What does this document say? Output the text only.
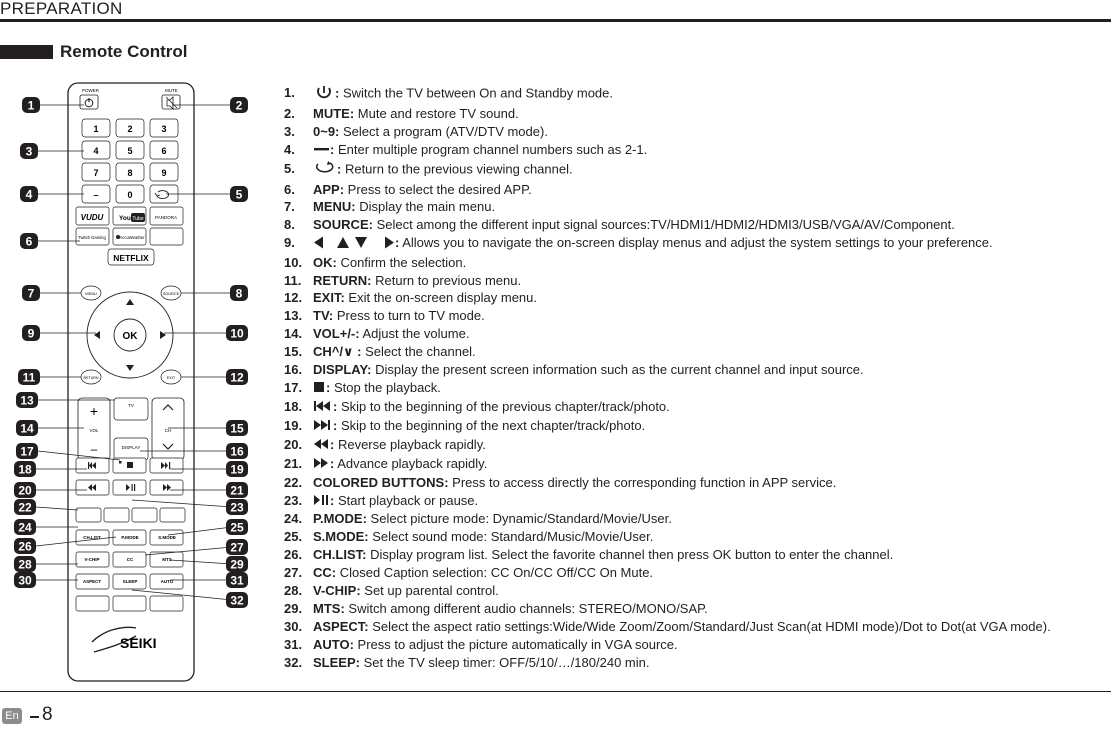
PREPARATION
Remote Control
POWER	MUTE
1	2	3
4	5	6
7	8	9
–	0
VUDU You Tube	PANDORA
Twitch Gaming	AccuWeather
NETFLIX
MENU	SOURCE
OK
RETURN	EXIT
+
VOL
–
CH
TV
DISPLAY
CH.LIST	P.MODE	S.MODE
V-CHIP	CC	MTS
ASPECT	SLEEP	AUTO
SEIKI
1	2
3
4	5
6
7	8
9	10
11	12
13
14	15
17	16
18	19
20	21
22	23
24	25
26	27
28	29
30	31
32
1.	: Switch the TV between On and Standby mode.
2. MUTE: Mute and restore TV sound.
3. 0~9: Select a program (ATV/DTV mode).
4.	: Enter multiple program channel numbers such as 2-1.
5.	: Return to the previous viewing channel.
6. APP: Press to select the desired APP.
7. MENU: Display the main menu.
8. SOURCE: Select among the different input signal sources:TV/HDMI1/HDMI2/HDMI3/USB/VGA/AV/Component.
9.	: Allows you to navigate the on-screen display menus and adjust the system settings to your preference.
10. OK: Confirm the selection.
11. RETURN: Return to previous menu.
12. EXIT: Exit the on-screen display menu.
13. TV: Press to turn to TV mode.
14. VOL+/-: Adjust the volume.
15. CH^/∨ : Select the channel.
16. DISPLAY: Display the present screen information such as the current channel and input source.
17. : Stop the playback.
18. : Skip to the beginning of the previous chapter/track/photo.
19. : Skip to the beginning of the next chapter/track/photo.
20. : Reverse playback rapidly.
21. : Advance playback rapidly.
22. COLORED BUTTONS: Press to access directly the corresponding function in APP service.
23. : Start playback or pause.
24. P.MODE: Select picture mode: Dynamic/Standard/Movie/User.
25. S.MODE: Select sound mode: Standard/Music/Movie/User.
26. CH.LIST: Display program list. Select the favorite channel then press OK button to enter the channel.
27. CC: Closed Caption selection: CC On/CC Off/CC On Mute.
28. V-CHIP: Set up parental control.
29. MTS: Switch among different audio channels: STEREO/MONO/SAP.
30. ASPECT: Select the aspect ratio settings:Wide/Wide Zoom/Zoom/Standard/Just Scan(at HDMI mode)/Dot to Dot(at VGA mode).
31. AUTO: Press to adjust the picture automatically in VGA source.
32. SLEEP: Set the TV sleep timer: OFF/5/10/…/180/240 min.
En 8
